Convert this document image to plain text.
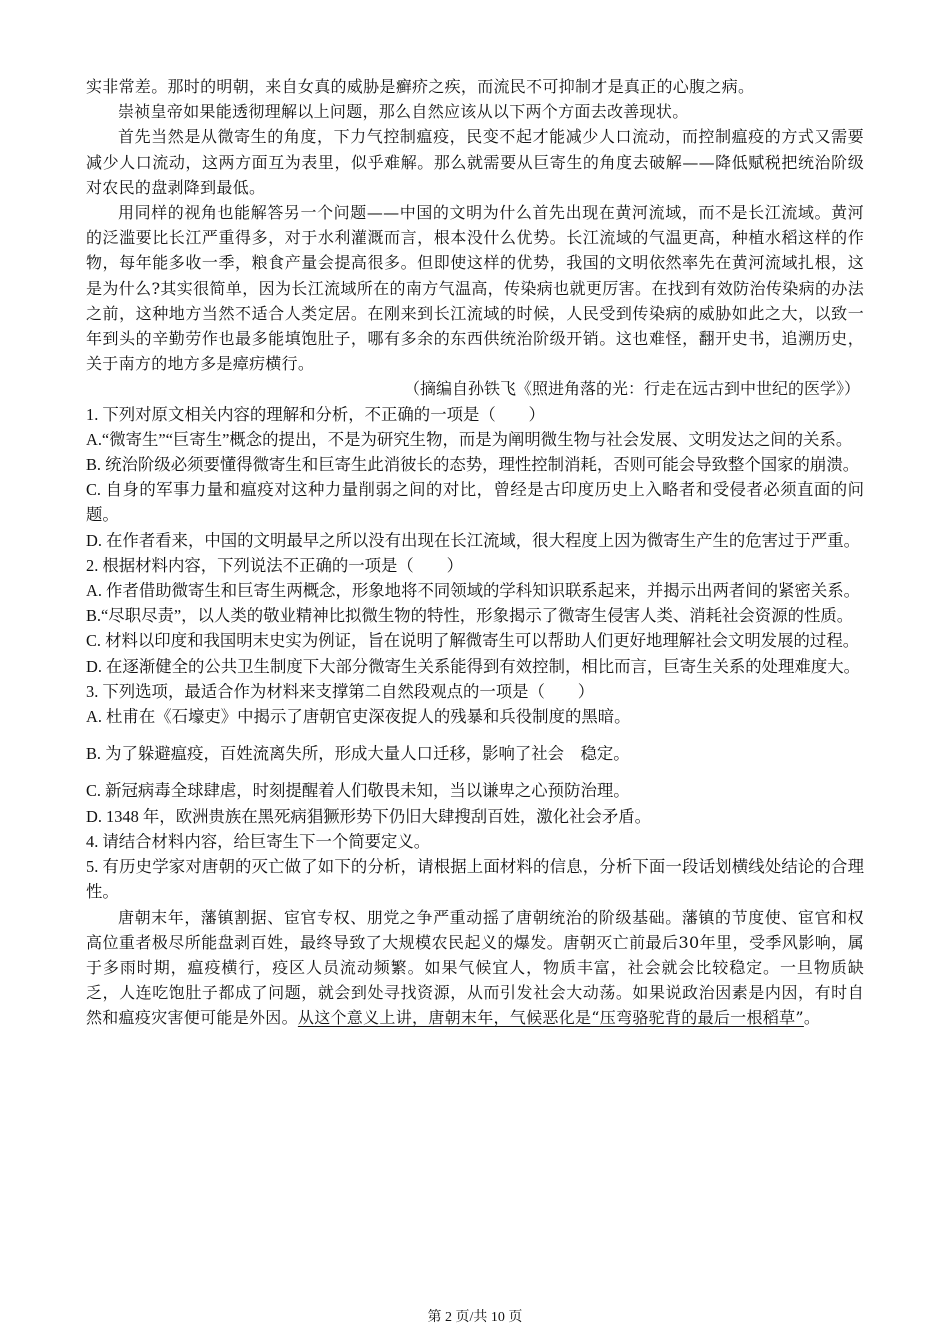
实非常差。那时的明朝，来自女真的威胁是癣疥之疾，而流民不可抑制才是真正的心腹之病。

崇祯皇帝如果能透彻理解以上问题，那么自然应该从以下两个方面去改善现状。

首先当然是从微寄生的角度，下力气控制瘟疫，民变不起才能减少人口流动，而控制瘟疫的方式又需要减少人口流动，这两方面互为表里，似乎难解。那么就需要从巨寄生的角度去破解——降低赋税把统治阶级对农民的盘剥降到最低。

用同样的视角也能解答另一个问题——中国的文明为什么首先出现在黄河流域，而不是长江流域。黄河的泛滥要比长江严重得多，对于水利灌溉而言，根本没什么优势。长江流域的气温更高，种植水稻这样的作物，每年能多收一季，粮食产量会提高很多。但即使这样的优势，我国的文明依然率先在黄河流域扎根，这是为什么?其实很简单，因为长江流域所在的南方气温高，传染病也就更厉害。在找到有效防治传染病的办法之前，这种地方当然不适合人类定居。在刚来到长江流域的时候，人民受到传染病的威胁如此之大，以致一年到头的辛勤劳作也最多能填饱肚子，哪有多余的东西供统治阶级开销。这也难怪，翻开史书，追溯历史，关于南方的地方多是瘴疠横行。

（摘编自孙铁飞《照进角落的光：行走在远古到中世纪的医学》）

1. 下列对原文相关内容的理解和分析，不正确的一项是（　　）

A.“微寄生”“巨寄生”概念的提出，不是为研究生物，而是为阐明微生物与社会发展、文明发达之间的关系。

B. 统治阶级必须要懂得微寄生和巨寄生此消彼长的态势，理性控制消耗，否则可能会导致整个国家的崩溃。

C. 自身的军事力量和瘟疫对这种力量削弱之间的对比，曾经是古印度历史上入略者和受侵者必须直面的问题。

D. 在作者看来，中国的文明最早之所以没有出现在长江流域，很大程度上因为微寄生产生的危害过于严重。

2. 根据材料内容，下列说法不正确的一项是（　　）

A. 作者借助微寄生和巨寄生两概念，形象地将不同领域的学科知识联系起来，并揭示出两者间的紧密关系。

B.“尽职尽责”，以人类的敬业精神比拟微生物的特性，形象揭示了微寄生侵害人类、消耗社会资源的性质。

C. 材料以印度和我国明末史实为例证，旨在说明了解微寄生可以帮助人们更好地理解社会文明发展的过程。

D. 在逐渐健全的公共卫生制度下大部分微寄生关系能得到有效控制，相比而言，巨寄生关系的处理难度大。

3. 下列选项，最适合作为材料来支撑第二自然段观点的一项是（　　）

A. 杜甫在《石壕吏》中揭示了唐朝官吏深夜捉人的残暴和兵役制度的黑暗。

B. 为了躲避瘟疫，百姓流离失所，形成大量人口迁移，影响了社会　稳定。

C. 新冠病毒全球肆虐，时刻提醒着人们敬畏未知，当以谦卑之心预防治理。

D. 1348 年，欧洲贵族在黑死病猖獗形势下仍旧大肆搜刮百姓，激化社会矛盾。

4. 请结合材料内容，给巨寄生下一个简要定义。

5. 有历史学家对唐朝的灭亡做了如下的分析，请根据上面材料的信息，分析下面一段话划横线处结论的合理性。

唐朝末年，藩镇割据、宦官专权、朋党之争严重动摇了唐朝统治的阶级基础。藩镇的节度使、宦官和权高位重者极尽所能盘剥百姓，最终导致了大规模农民起义的爆发。唐朝灭亡前最后30年里，受季风影响，属于多雨时期，瘟疫横行，疫区人员流动频繁。如果气候宜人，物质丰富，社会就会比较稳定。一旦物质缺乏，人连吃饱肚子都成了问题，就会到处寻找资源，从而引发社会大动荡。如果说政治因素是内因，有时自然和瘟疫灾害便可能是外因。从这个意义上讲，唐朝末年，气候恶化是“压弯骆驼背的最后一根稻草”。

第 2 页/共 10 页
